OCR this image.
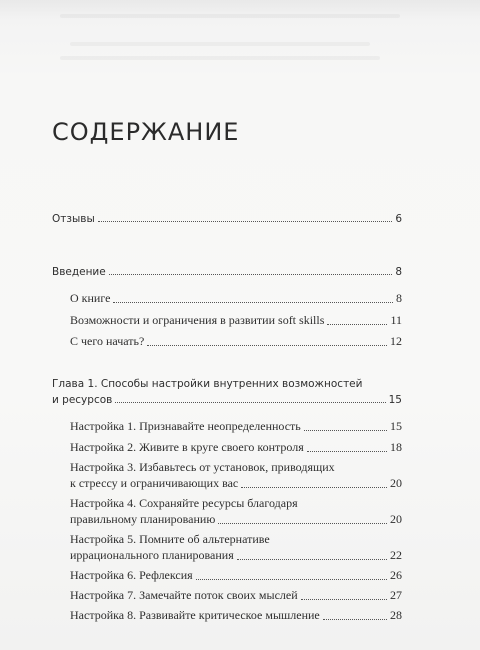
СОДЕРЖАНИЕ
Отзывы	6
Введение	8
О книге	8
Возможности и ограничения в развитии soft skills	11
С чего начать?	12
Глава 1. Способы настройки внутренних возможностей
и ресурсов	15
Настройка 1. Признавайте неопределенность	15
Настройка 2. Живите в круге своего контроля	18
Настройка 3. Избавьтесь от установок, приводящих
к стрессу и ограничивающих вас	20
Настройка 4. Сохраняйте ресурсы благодаря
правильному планированию	20
Настройка 5. Помните об альтернативе
иррационального планирования	22
Настройка 6. Рефлексия	26
Настройка 7. Замечайте поток своих мыслей	27
Настройка 8. Развивайте критическое мышление	28
